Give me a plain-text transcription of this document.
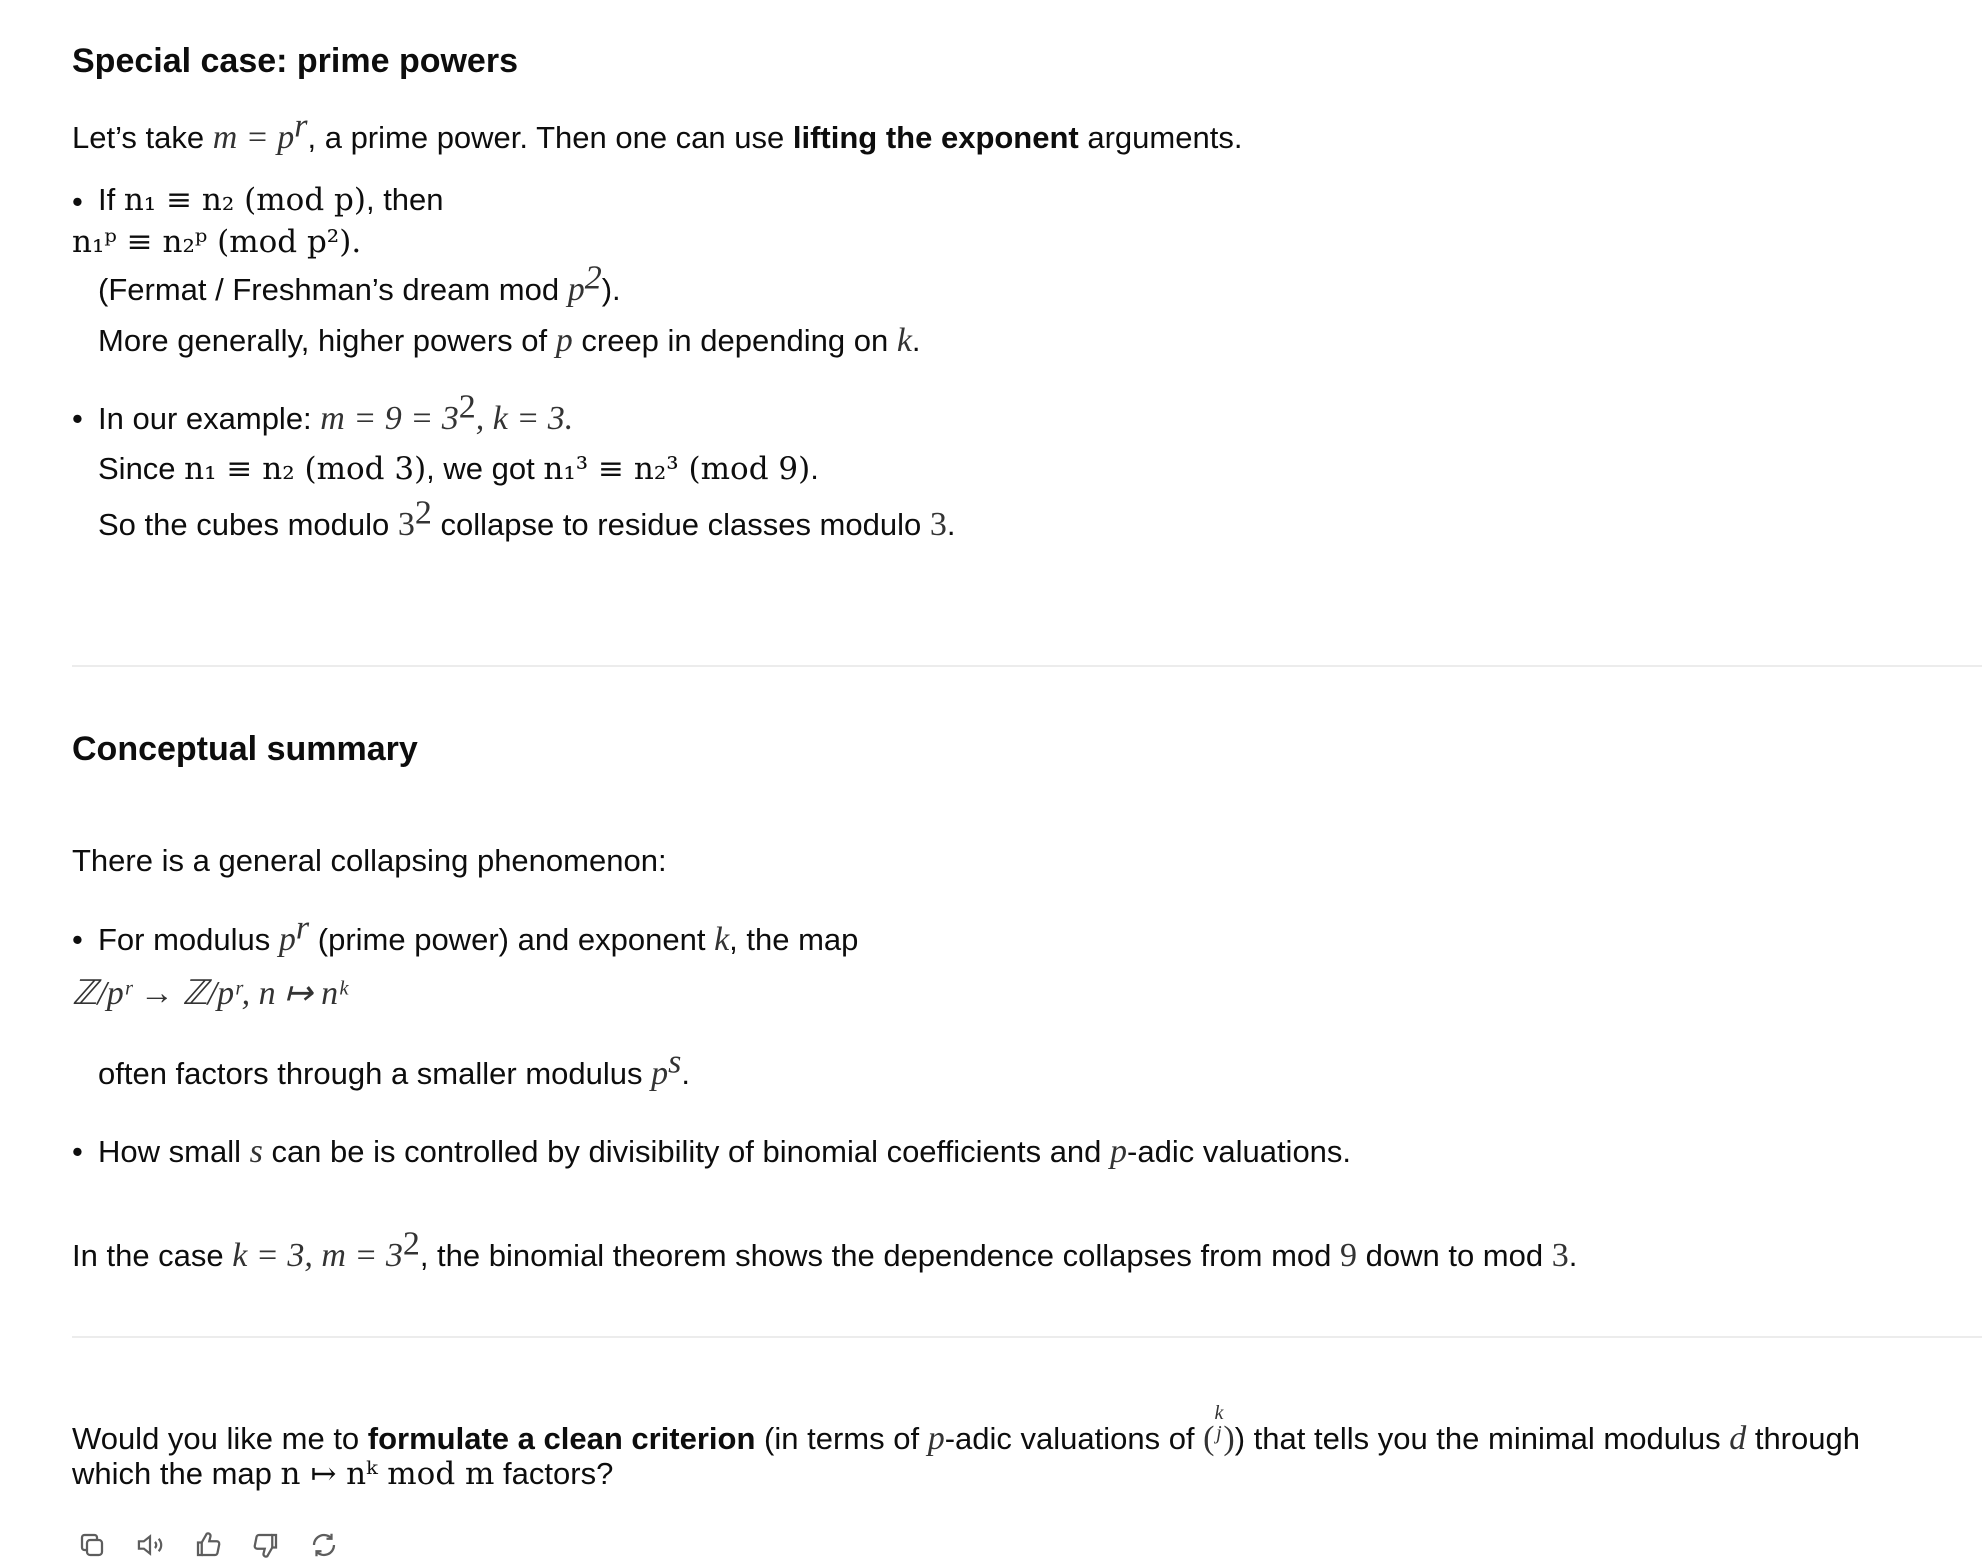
Special case: prime powers
Let’s take $m = p^r$, a prime power. Then one can use lifting the exponent arguments.
• If n₁ ≡ n₂ (mod p), then
n₁ᵖ ≡ n₂ᵖ (mod p²).
(Fermat / Freshman’s dream mod $p^2$).
More generally, higher powers of p creep in depending on k.
• In our example: $m = 9 = 3^2$, k = 3.
Since n₁ ≡ n₂ (mod 3), we got n₁³ ≡ n₂³ (mod 9).
So the cubes modulo $3^2$ collapse to residue classes modulo 3.
Conceptual summary
There is a general collapsing phenomenon:
• For modulus $p^r$ (prime power) and exponent k, the map
ℤ/pʳ → ℤ/pʳ, n ↦ nᵏ
often factors through a smaller modulus $p^s$.
• How small s can be is controlled by divisibility of binomial coefficients and p-adic valuations.
In the case k = 3, $m = 3^2$, the binomial theorem shows the dependence collapses from mod 9 down to mod 3.
Would you like me to formulate a clean criterion (in terms of p-adic valuations of (k
j)) that tells you the minimal modulus d through
which the map n ↦ nᵏ mod m factors?
